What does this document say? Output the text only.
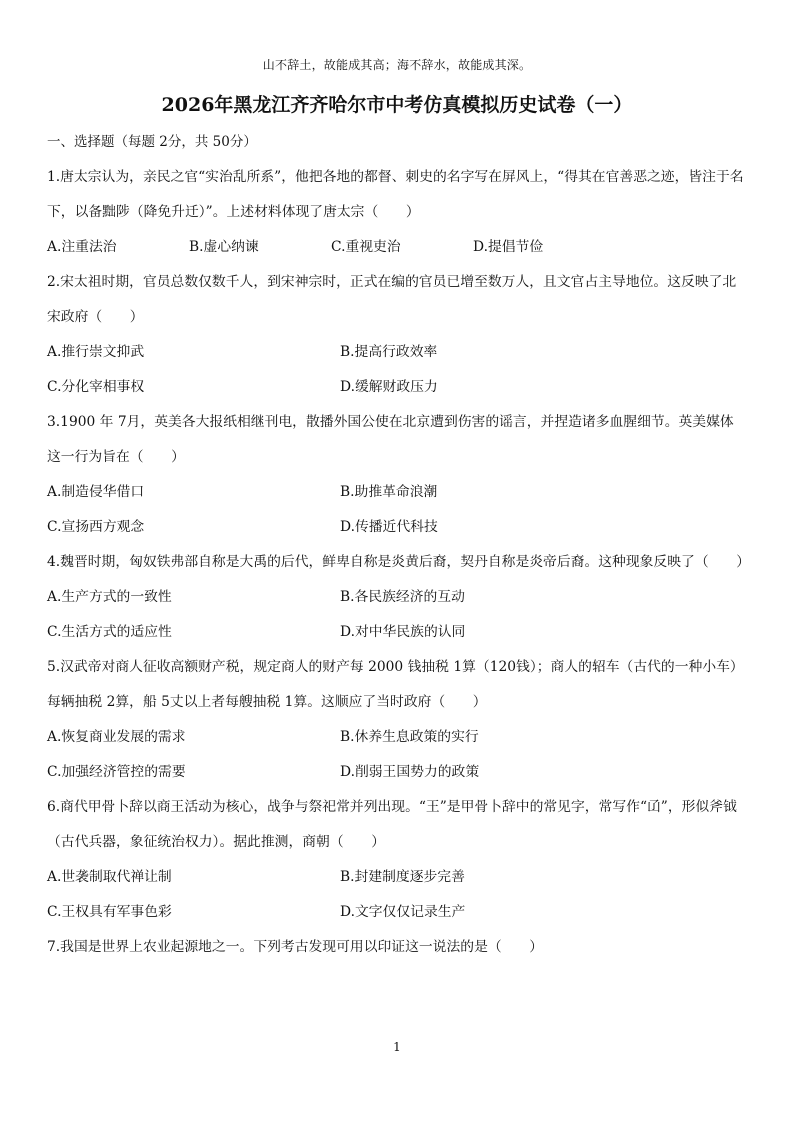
山不辞土，故能成其高；海不辞水，故能成其深。
2026年黑龙江齐齐哈尔市中考仿真模拟历史试卷（一）
一、选择题（每题 2分，共 50分）

1.唐太宗认为，亲民之官“实治乱所系”，他把各地的都督、刺史的名字写在屏风上，“得其在官善恶之迹，皆注于名下，以备黜陟（降免升迁）”。上述材料体现了唐太宗（　　）

A.注重法治	B.虚心纳谏	C.重视吏治	D.提倡节俭

2.宋太祖时期，官员总数仅数千人，到宋神宗时，正式在编的官员已增至数万人，且文官占主导地位。这反映了北宋政府（　　）

A.推行崇文抑武	B.提高行政效率
C.分化宰相事权	D.缓解财政压力

3.1900 年 7月，英美各大报纸相继刊电，散播外国公使在北京遭到伤害的谣言，并捏造诸多血腥细节。英美媒体这一行为旨在（　　）

A.制造侵华借口	B.助推革命浪潮
C.宣扬西方观念	D.传播近代科技

4.魏晋时期，匈奴铁弗部自称是大禹的后代，鲜卑自称是炎黄后裔，契丹自称是炎帝后裔。这种现象反映了（　　）

A.生产方式的一致性	B.各民族经济的互动
C.生活方式的适应性	D.对中华民族的认同

5.汉武帝对商人征收高额财产税，规定商人的财产每 2000 钱抽税 1算（120钱）；商人的轺车（古代的一种小车）每辆抽税 2算，船 5丈以上者每艘抽税 1算。这顺应了当时政府（　　）

A.恢复商业发展的需求	B.休养生息政策的实行
C.加强经济管控的需要	D.削弱王国势力的政策

6.商代甲骨卜辞以商王活动为核心，战争与祭祀常并列出现。“王”是甲骨卜辞中的常见字，常写作“𠙶”，形似斧钺（古代兵器，象征统治权力）。据此推测，商朝（　　）

A.世袭制取代禅让制	B.封建制度逐步完善
C.王权具有军事色彩	D.文字仅仅记录生产

7.我国是世界上农业起源地之一。下列考古发现可用以印证这一说法的是（　　）

1
